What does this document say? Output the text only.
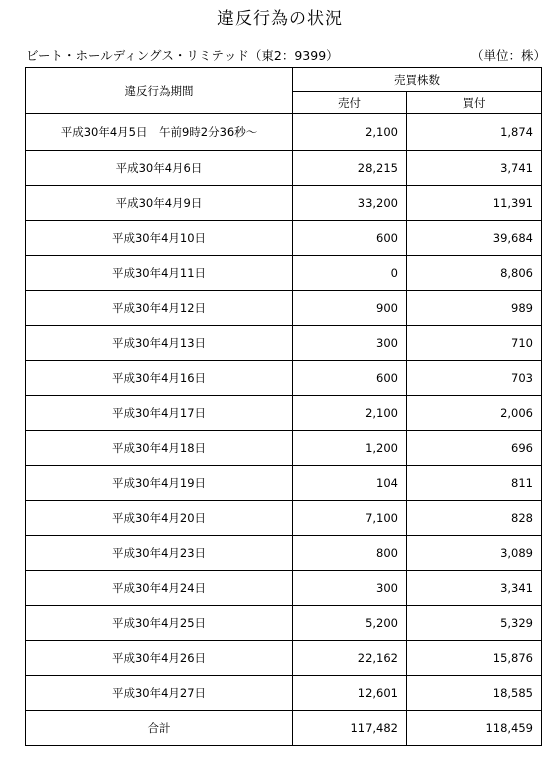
違反行為の状況
ビート・ホールディングス・リミテッド（東2：9399）	（単位：株）
違反行為期間	売買株数	
	売付	買付
平成30年4月5日　午前9時2分36秒～	2,100	1,874
平成30年4月6日	28,215	3,741
平成30年4月9日	33,200	11,391
平成30年4月10日	600	39,684
平成30年4月11日	0	8,806
平成30年4月12日	900	989
平成30年4月13日	300	710
平成30年4月16日	600	703
平成30年4月17日	2,100	2,006
平成30年4月18日	1,200	696
平成30年4月19日	104	811
平成30年4月20日	7,100	828
平成30年4月23日	800	3,089
平成30年4月24日	300	3,341
平成30年4月25日	5,200	5,329
平成30年4月26日	22,162	15,876
平成30年4月27日	12,601	18,585
合計	117,482	118,459
